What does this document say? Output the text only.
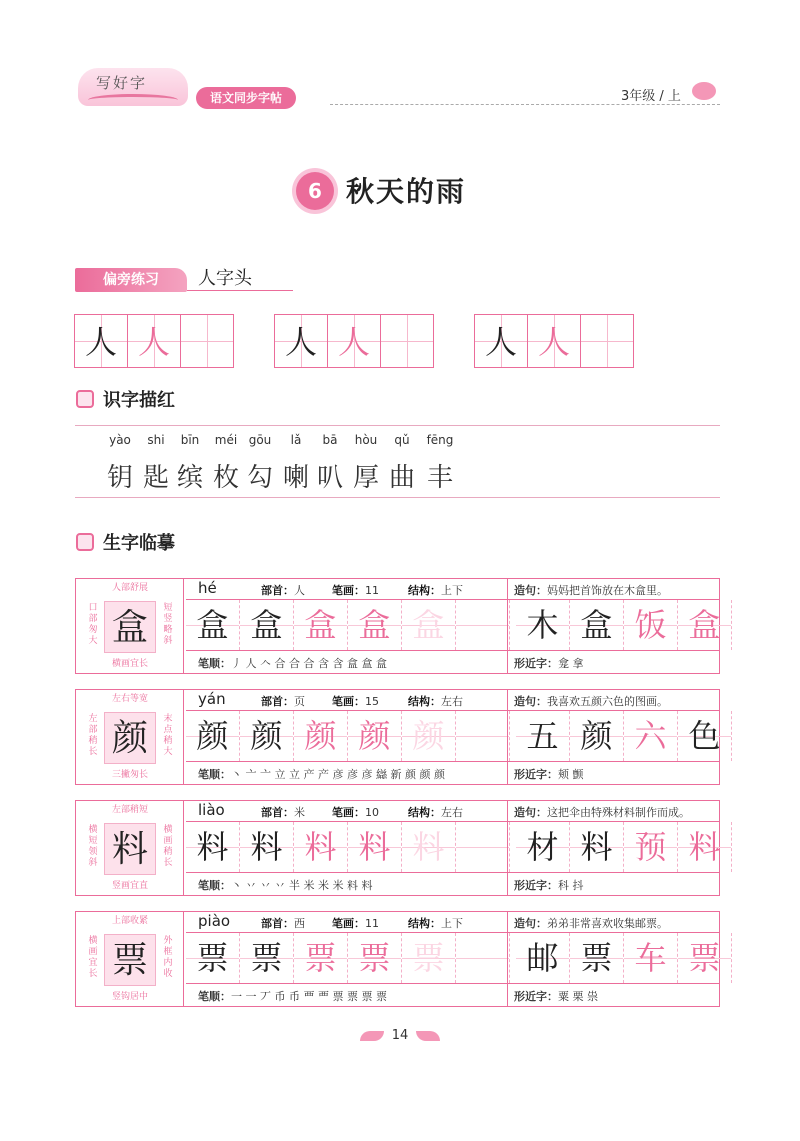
写好字
语文同步字帖	3年级 / 上
6 秋天的雨
偏旁练习	人字头
人 人	人 人	人 人
识字描红
yào
钥
shi
匙
bīn
缤
méi
枚
gōu
勾
lǎ
喇
bā
叭
hòu
厚
qǔ
曲
fēng
丰
生字临摹
人部舒展
口部匆大 盒	短竖略斜
横画宜长
hé	部首：人 笔画：11	结构：上下	造句：妈妈把首饰放在木盒里。
盒 盒 盒 盒 盒	木 盒 饭 盒
笔顺：丿 人 𠆢 合 合 合 含 含 盒 盒 盒	形近字：龛 拿
左右等宽
左部稍长 颜	末点稍大
三撇匆长
yán	部首：页 笔画：15	结构：左右	造句：我喜欢五颜六色的图画。
颜 颜 颜 颜 颜	五 颜 六 色
笔顺：丶 亠 亠 立 立 产 产 彦 彦 彦 䜌 新 颜 颜 颜	形近字：颊 颤
左部稍短
横短领斜 料	横画稍长
竖画宜直
liào	部首：米 笔画：10	结构：左右	造句：这把伞由特殊材料制作而成。
料 料 料 料 料	材 料 预 料
笔顺：丶 丷 丷 丷 半 米 米 米 料 料	形近字：科 抖
上部收紧
横画宜长 票	外框内收
竖钩居中
piào	部首：西 笔画：11	结构：上下	造句：弟弟非常喜欢收集邮票。
票 票 票 票 票	邮 票 车 票
笔顺：一 一 丆 币 币 覀 覀 票 票 票 票	形近字：粟 栗 祟
14
